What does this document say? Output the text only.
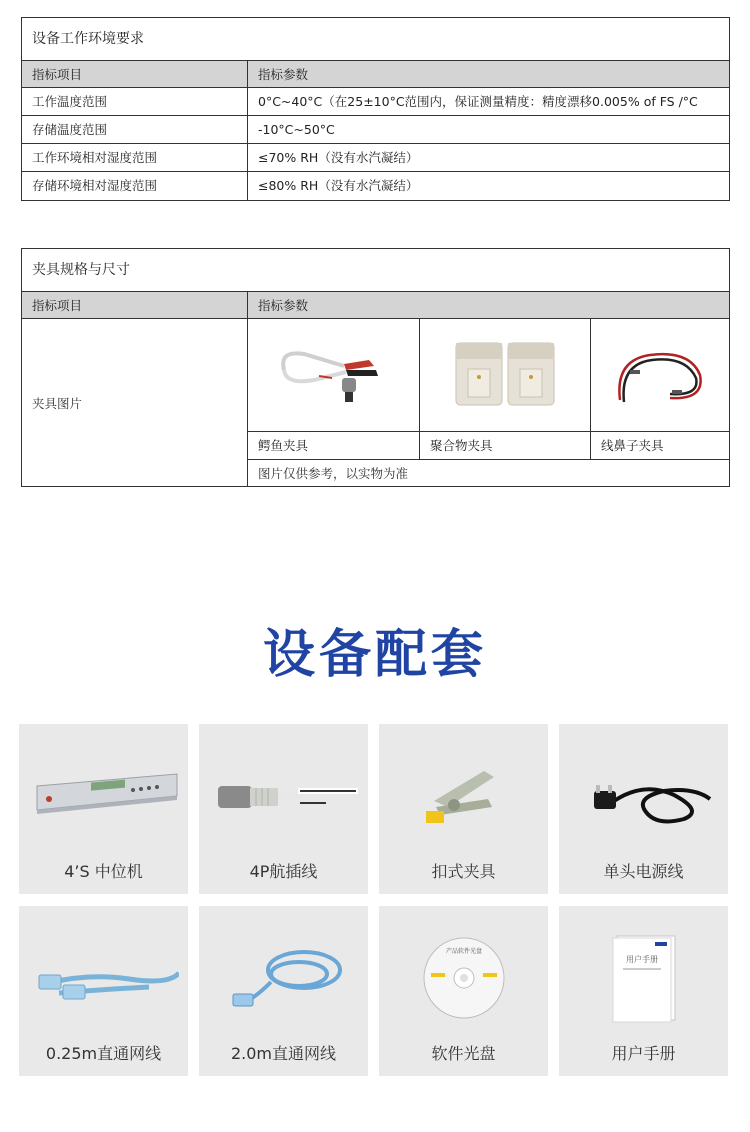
设备工作环境要求
指标项目	指标参数
工作温度范围	0°C~40°C（在25±10°C范围内，保证测量精度：精度漂移0.005% of FS /°C
存储温度范围	-10°C~50°C
工作环境相对湿度范围	≤70% RH（没有水汽凝结）
存储环境相对湿度范围	≤80% RH（没有水汽凝结）
夹具规格与尺寸
指标项目	指标参数
夹具图片
鳄鱼夹具	聚合物夹具	线鼻子夹具
图片仅供参考，以实物为准
设备配套
4’S 中位机	4P航插线	扣式夹具	单头电源线
0.25m直通网线	2.0m直通网线
产品软件光盘
软件光盘
用户手册
用户手册
